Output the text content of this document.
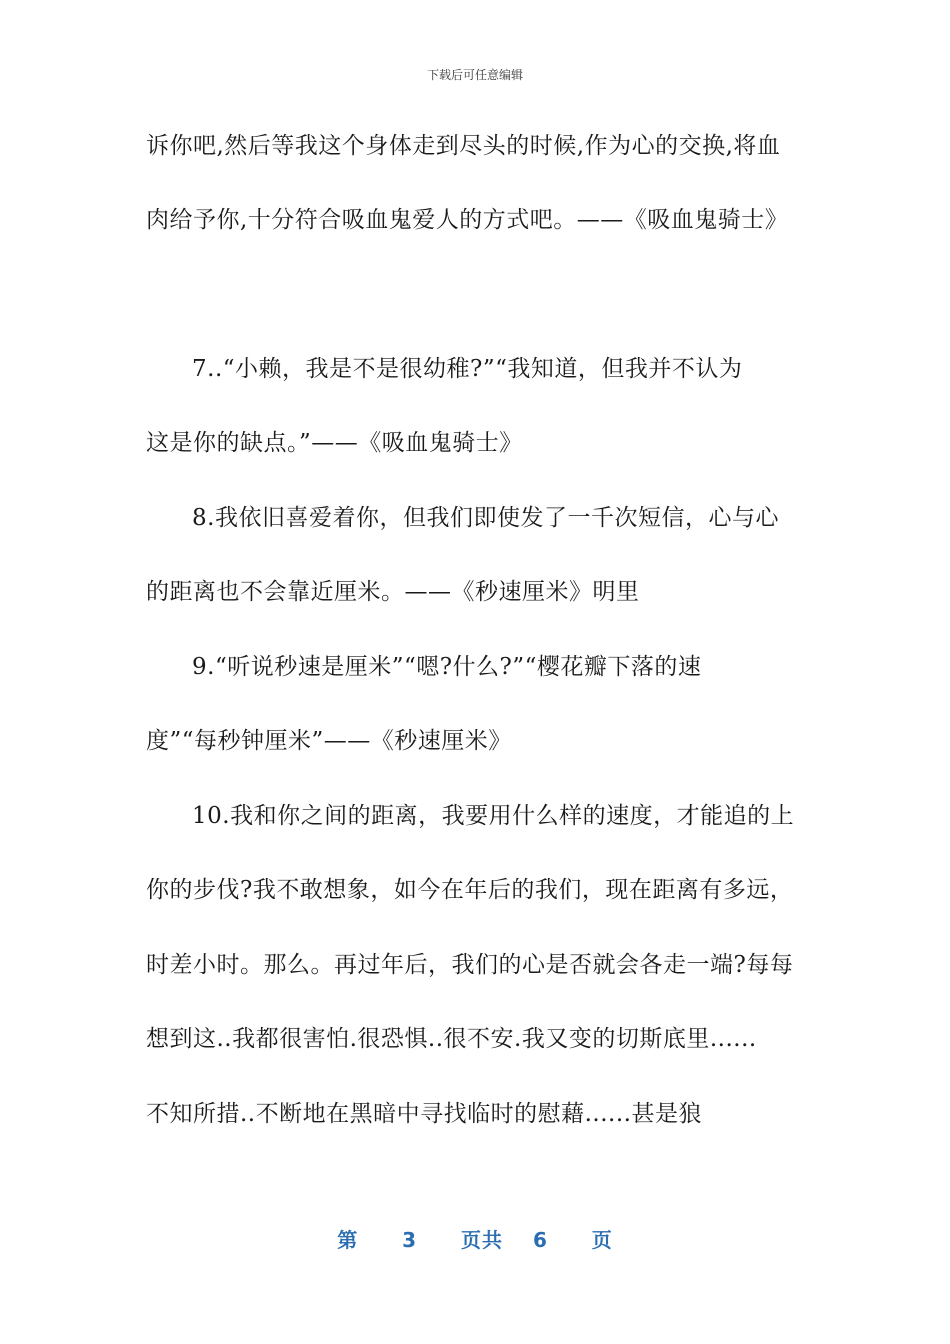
下载后可任意编辑
诉你吧,然后等我这个身体走到尽头的时候,作为心的交换,将血
肉给予你,十分符合吸血鬼爱人的方式吧。——《吸血鬼骑士》
7..“小赖，我是不是很幼稚?”“我知道，但我并不认为
这是你的缺点。”——《吸血鬼骑士》
8.我依旧喜爱着你，但我们即使发了一千次短信，心与心
的距离也不会靠近厘米。——《秒速厘米》明里
9.“听说秒速是厘米”“嗯?什么?”“樱花瓣下落的速
度”“每秒钟厘米”——《秒速厘米》
10.我和你之间的距离，我要用什么样的速度，才能追的上
你的步伐?我不敢想象，如今在年后的我们，现在距离有多远，
时差小时。那么。再过年后，我们的心是否就会各走一端?每每
想到这..我都很害怕.很恐惧..很不安.我又变的切斯底里......
不知所措..不断地在黑暗中寻找临时的慰藉......甚是狼
第 3 页共 6 页
